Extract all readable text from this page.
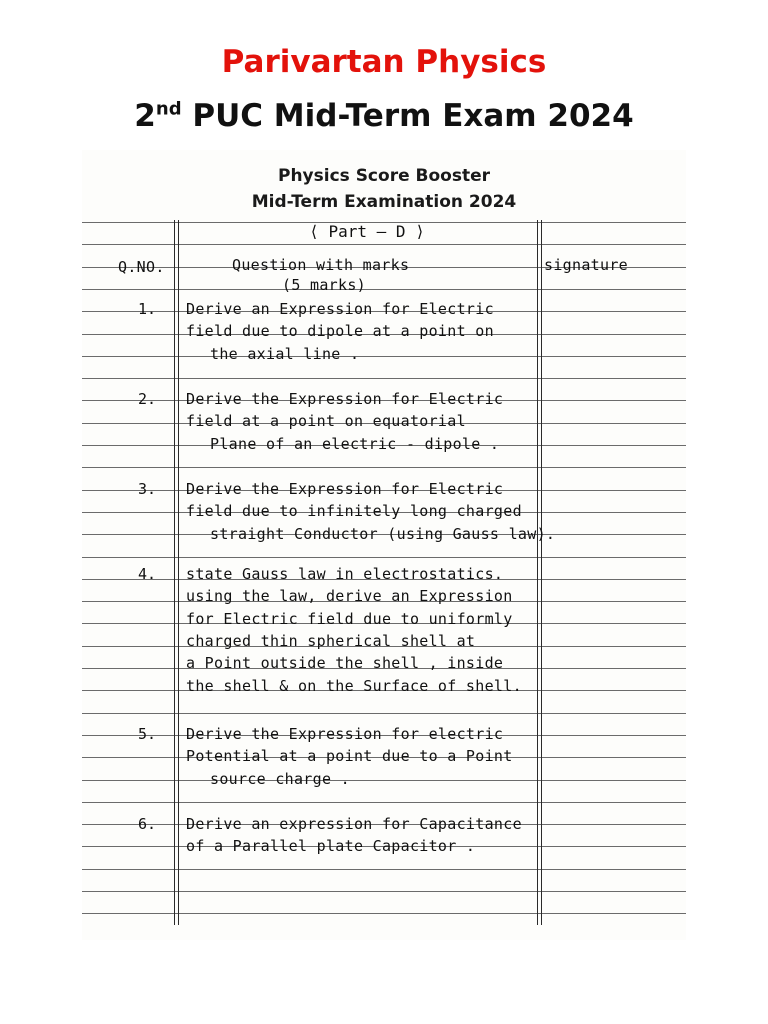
Parivartan Physics
2nd PUC Mid-Term Exam 2024
Physics Score Booster
Mid-Term Examination 2024
⟨ Part – D ⟩
Q.NO.	Question with marks
(5 marks)
signature
1. Derive an Expression for Electric
field due to dipole at a point on
the axial line .
2. Derive the Expression for Electric
field at a point on equatorial
Plane of an electric - dipole .
3. Derive the Expression for Electric
field due to infinitely long charged
straight Conductor (using Gauss law).
4. state Gauss law in electrostatics.
using the law, derive an Expression
for Electric field due to uniformly
charged thin spherical shell at
a Point outside the shell , inside
the shell & on the Surface of shell.
5. Derive the Expression for electric
Potential at a point due to a Point
source charge .
6. Derive an expression for Capacitance
of a Parallel plate Capacitor .
